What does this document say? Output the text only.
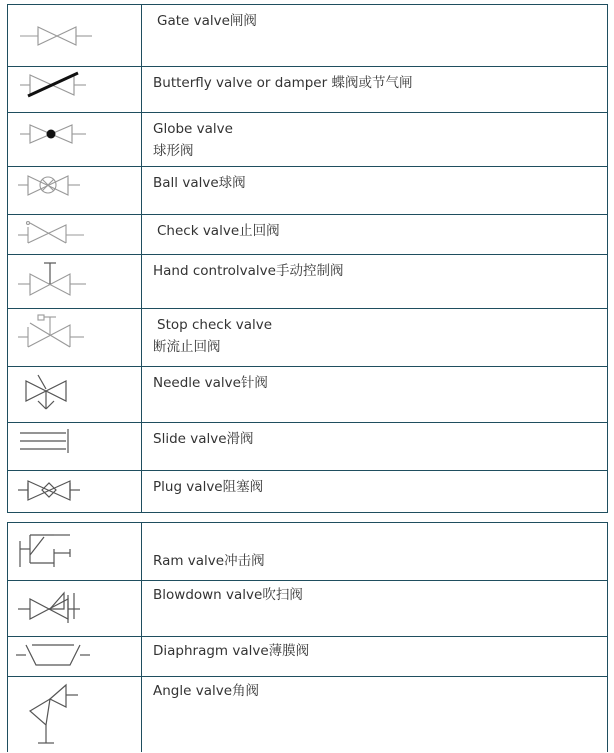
Gate valve闸阀
Butterfly valve or damper 蝶阀或节气闸
Globe valve
球形阀
Ball valve球阀
Check valve止回阀
Hand controlvalve手动控制阀
Stop check valve
断流止回阀
Needle valve针阀
Slide valve滑阀
Plug valve阻塞阀
Ram valve冲击阀
Blowdown valve吹扫阀
Diaphragm valve薄膜阀
Angle valve角阀
